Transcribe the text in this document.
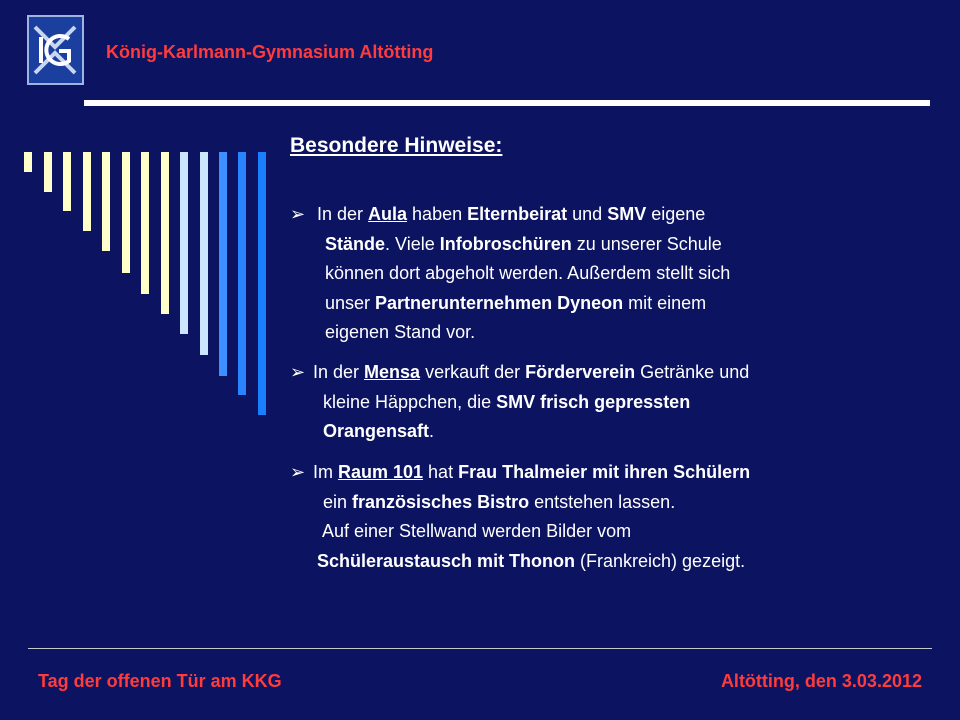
König-Karlmann-Gymnasium Altötting
Besondere Hinweise:
➢ In der Aula haben Elternbeirat und SMV eigene

Stände. Viele Infobroschüren zu unserer Schule

können dort abgeholt werden. Außerdem stellt sich

unser Partnerunternehmen Dyneon mit einem

eigenen Stand vor.

➢ In der Mensa verkauft der Förderverein Getränke und

kleine Häppchen, die SMV frisch gepressten

Orangensaft.

➢ Im Raum 101 hat Frau Thalmeier mit ihren Schülern

ein französisches Bistro entstehen lassen.

Auf einer Stellwand werden Bilder vom

Schüleraustausch mit Thonon (Frankreich) gezeigt.

Tag der offenen Tür am KKG	Altötting, den 3.03.2012
